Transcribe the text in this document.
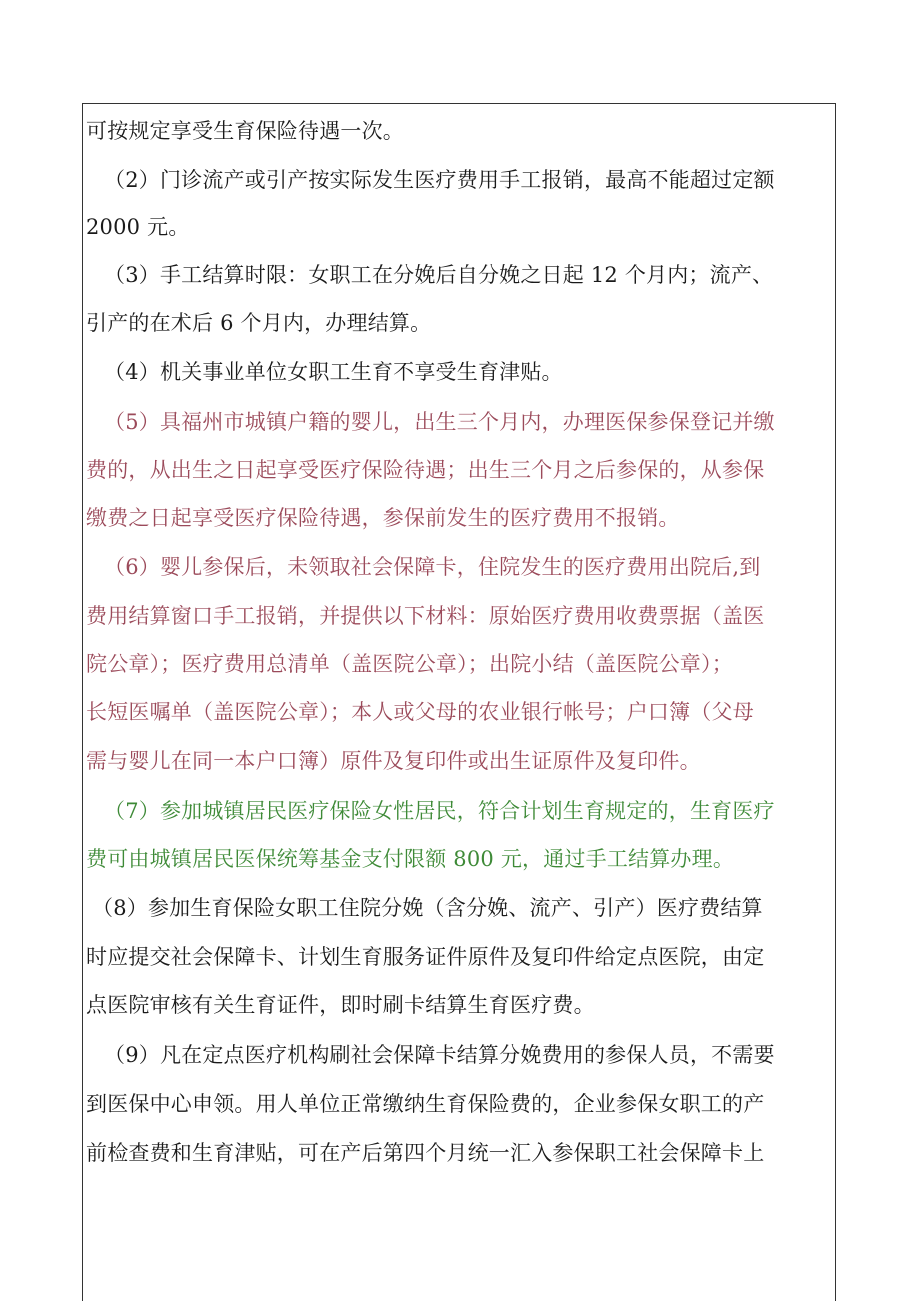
可按规定享受生育保险待遇一次。
（2）门诊流产或引产按实际发生医疗费用手工报销，最高不能超过定额
2000 元。
（3）手工结算时限：女职工在分娩后自分娩之日起 12 个月内；流产、
引产的在术后 6 个月内，办理结算。
（4）机关事业单位女职工生育不享受生育津贴。
（5）具福州市城镇户籍的婴儿，出生三个月内，办理医保参保登记并缴
费的，从出生之日起享受医疗保险待遇；出生三个月之后参保的，从参保
缴费之日起享受医疗保险待遇，参保前发生的医疗费用不报销。
（6）婴儿参保后，未领取社会保障卡，住院发生的医疗费用出院后,到
费用结算窗口手工报销，并提供以下材料：原始医疗费用收费票据（盖医
院公章）；医疗费用总清单（盖医院公章）；出院小结（盖医院公章）；
长短医嘱单（盖医院公章）；本人或父母的农业银行帐号；户口簿（父母
需与婴儿在同一本户口簿）原件及复印件或出生证原件及复印件。
（7）参加城镇居民医疗保险女性居民，符合计划生育规定的，生育医疗
费可由城镇居民医保统筹基金支付限额 800 元，通过手工结算办理。
（8）参加生育保险女职工住院分娩（含分娩、流产、引产）医疗费结算
时应提交社会保障卡、计划生育服务证件原件及复印件给定点医院，由定
点医院审核有关生育证件，即时刷卡结算生育医疗费。
（9）凡在定点医疗机构刷社会保障卡结算分娩费用的参保人员，不需要
到医保中心申领。用人单位正常缴纳生育保险费的，企业参保女职工的产
前检查费和生育津贴，可在产后第四个月统一汇入参保职工社会保障卡上
